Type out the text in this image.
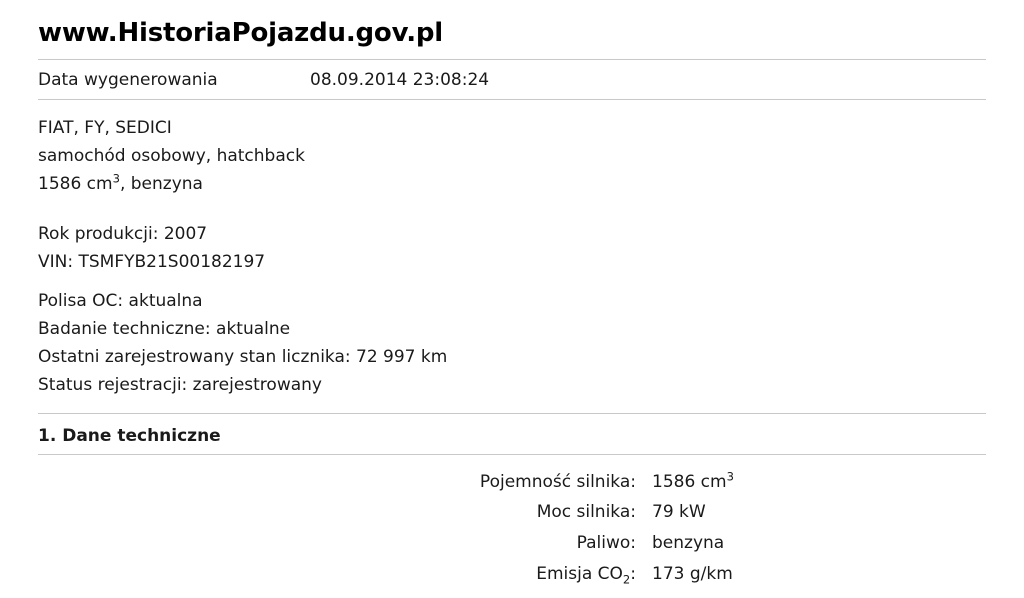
www.HistoriaPojazdu.gov.pl
Data wygenerowania	08.09.2014 23:08:24
FIAT, FY, SEDICI
samochód osobowy, hatchback
1586 $cm^3$, benzyna
Rok produkcji: 2007
VIN: TSMFYB21S00182197
Polisa OC: aktualna
Badanie techniczne: aktualne
Ostatni zarejestrowany stan licznika: 72 997 km
Status rejestracji: zarejestrowany
1. Dane techniczne
Pojemność silnika:	1586 $cm^3$
Moc silnika:	79 kW
Paliwo:	benzyna
Emisja $CO_2$:	173 g/km
